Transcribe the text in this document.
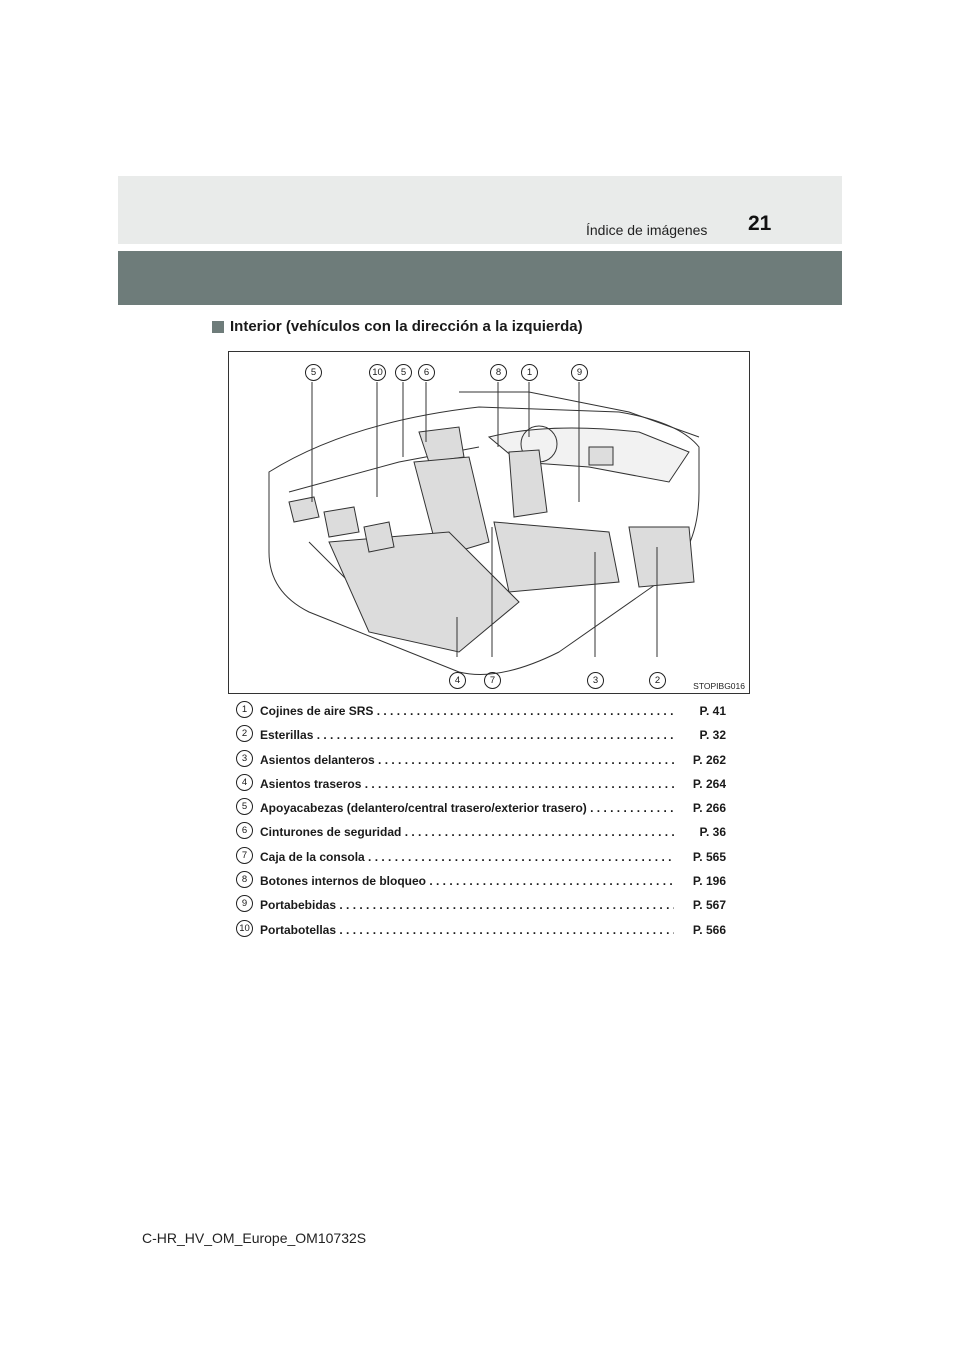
Índice de imágenes 21
Interior (vehículos con la dirección a la izquierda)
5	10	5	6	8	1	9
4	7	3	2	STOPIBG016
1	Cojines de aire SRS . . .	P. 41
2	Esterillas . . .	P. 32
3	Asientos delanteros . . .	P. 262
4	Asientos traseros . . .	P. 264
5	Apoyacabezas (delantero/central trasero/exterior trasero) . . .	P. 266
6	Cinturones de seguridad . . .	P. 36
7	Caja de la consola . . .	P. 565
8	Botones internos de bloqueo . . .	P. 196
9	Portabebidas . . .	P. 567
10 Portabotellas . . .	P. 566
C-HR_HV_OM_Europe_OM10732S
